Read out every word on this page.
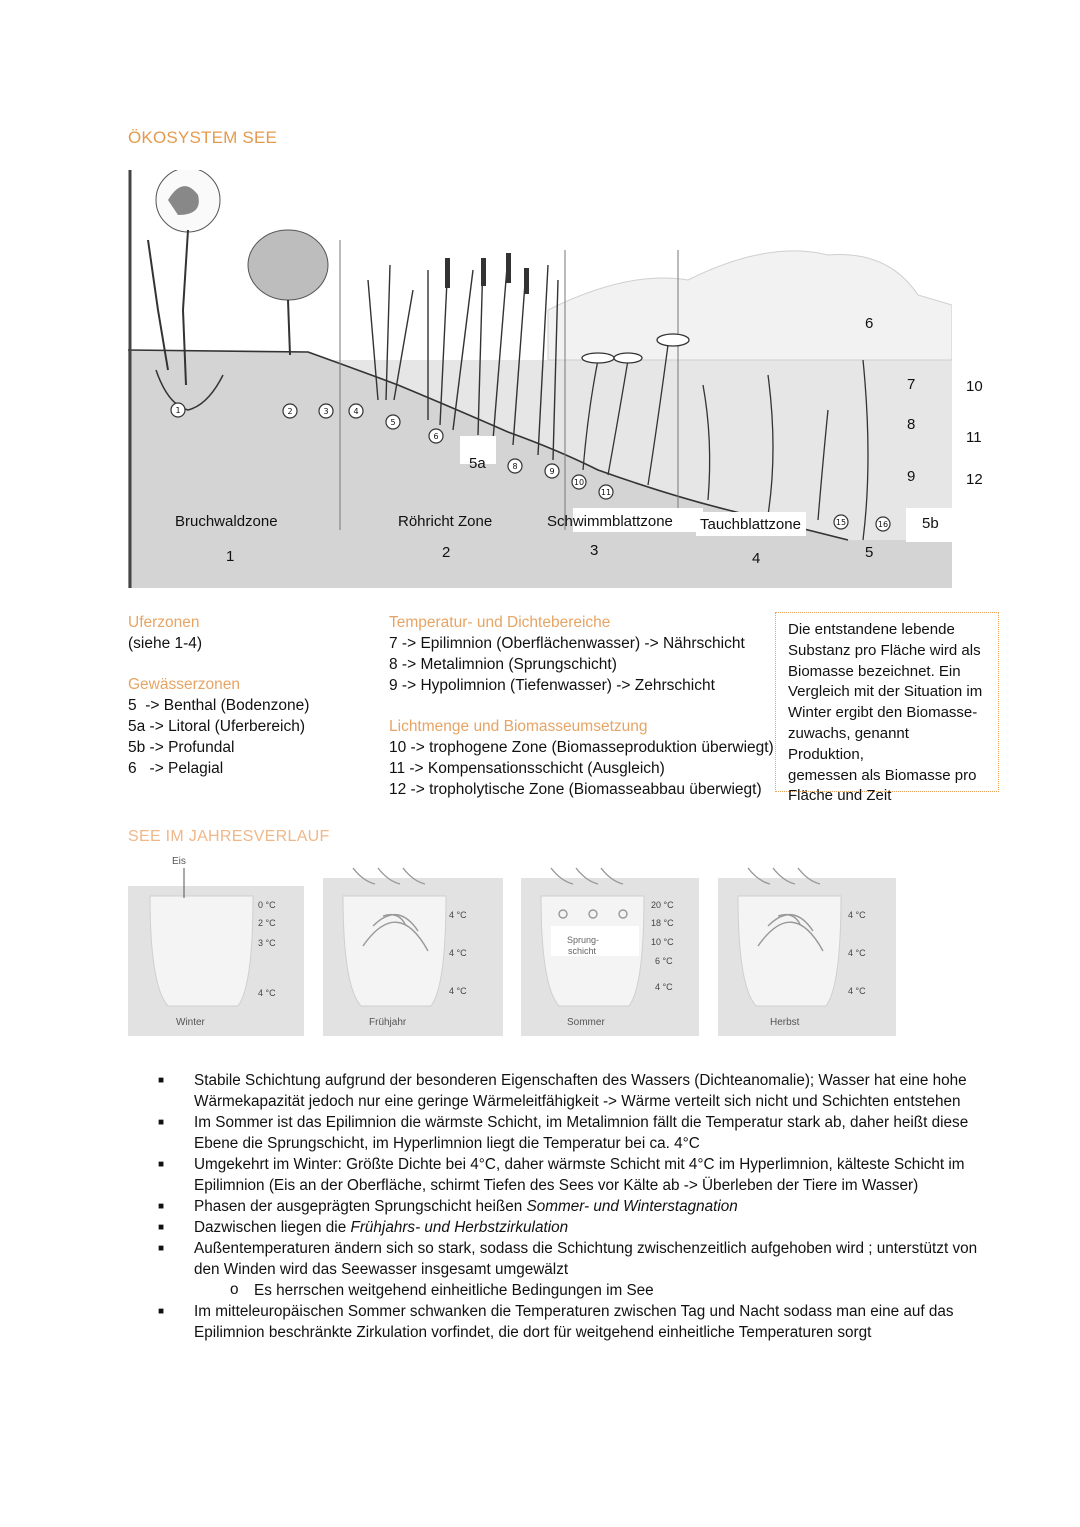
ÖKOSYSTEM SEE
1	2	3	4
5
6
8
9
10
11
15	16
Bruchwaldzone
1
Röhricht Zone
2
Schwimmblattzone
3
Tauchblattzone
4	5
5a
5b
6
7
8
9
10
11
12
Uferzonen
(siehe 1-4)
Gewässerzonen
5  -> Benthal (Bodenzone)
5a -> Litoral (Uferbereich)
5b -> Profundal
6   -> Pelagial
Temperatur- und Dichtebereiche
7 -> Epilimnion (Oberflächenwasser) -> Nährschicht
8 -> Metalimnion (Sprungschicht)
9 -> Hypolimnion (Tiefenwasser) -> Zehrschicht
Lichtmenge und Biomasseumsetzung
10 -> trophogene Zone (Biomasseproduktion überwiegt)
11 -> Kompensationsschicht (Ausgleich)
12 -> tropholytische Zone (Biomasseabbau überwiegt)
Die entstandene lebende
Substanz pro Fläche wird als
Biomasse bezeichnet. Ein
Vergleich mit der Situation im
Winter ergibt den Biomasse-
zuwachs, genannt Produktion,
gemessen als Biomasse pro
Fläche und Zeit
SEE IM JAHRESVERLAUF
Eis
0 °C
2 °C
3 °C
4 °C
Winter
4 °C
4 °C
4 °C
Frühjahr
Sprung-
schicht
20 °C
18 °C
10 °C
6 °C
4 °C
Sommer
4 °C
4 °C
4 °C
Herbst
■ Stabile Schichtung aufgrund der besonderen Eigenschaften des Wassers (Dichteanomalie); Wasser hat eine hohe Wärmekapazität jedoch nur eine geringe Wärmeleitfähigkeit -> Wärme verteilt sich nicht und Schichten entstehen
■ Im Sommer ist das Epilimnion die wärmste Schicht, im Metalimnion fällt die Temperatur stark ab, daher heißt diese Ebene die Sprungschicht, im Hyperlimnion liegt die Temperatur bei ca. 4°C
■ Umgekehrt im Winter: Größte Dichte bei 4°C, daher wärmste Schicht mit 4°C im Hyperlimnion, kälteste Schicht im Epilimnion (Eis an der Oberfläche, schirmt Tiefen des Sees vor Kälte ab -> Überleben der Tiere im Wasser)
■ Phasen der ausgeprägten Sprungschicht heißen Sommer- und Winterstagnation
■ Dazwischen liegen die Frühjahrs- und Herbstzirkulation
■ Außentemperaturen ändern sich so stark, sodass die Schichtung zwischenzeitlich aufgehoben wird ; unterstützt von den Winden wird das Seewasser insgesamt umgewälzt
o Es herrschen weitgehend einheitliche Bedingungen im See
■ Im mitteleuropäischen Sommer schwanken die Temperaturen zwischen Tag und Nacht sodass man eine auf das Epilimnion beschränkte Zirkulation vorfindet, die dort für weitgehend einheitliche Temperaturen sorgt
